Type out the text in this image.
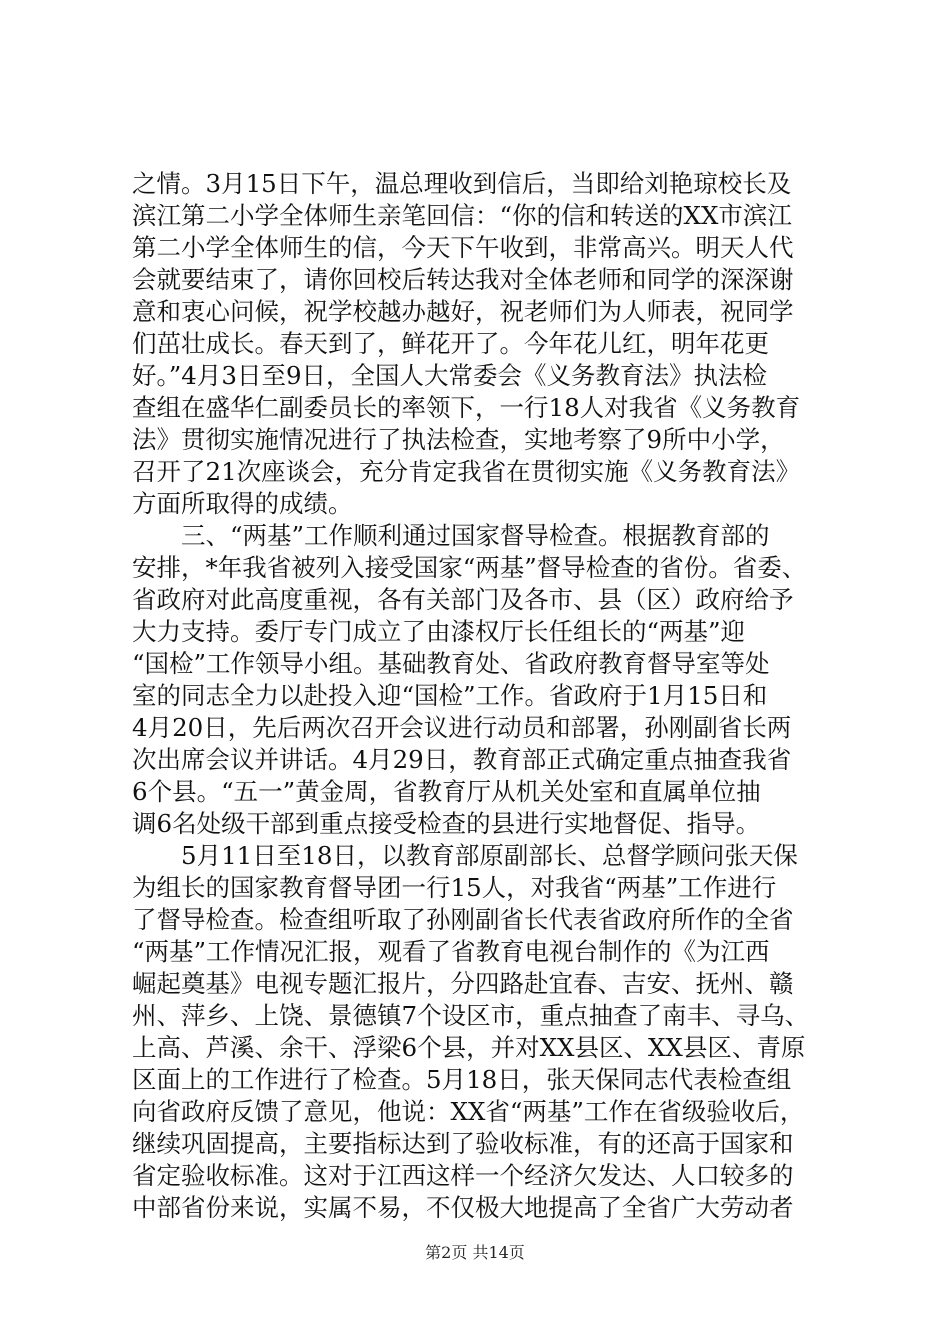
之情。3月15日下午，温总理收到信后，当即给刘艳琼校长及
滨江第二小学全体师生亲笔回信：“你的信和转送的XX市滨江
第二小学全体师生的信，今天下午收到，非常高兴。明天人代
会就要结束了，请你回校后转达我对全体老师和同学的深深谢
意和衷心问候，祝学校越办越好，祝老师们为人师表，祝同学
们茁壮成长。春天到了，鲜花开了。今年花儿红，明年花更
好。”4月3日至9日，全国人大常委会《义务教育法》执法检
查组在盛华仁副委员长的率领下，一行18人对我省《义务教育
法》贯彻实施情况进行了执法检查，实地考察了9所中小学，
召开了21次座谈会，充分肯定我省在贯彻实施《义务教育法》
方面所取得的成绩。
　　三、“两基”工作顺利通过国家督导检查。根据教育部的
安排，*年我省被列入接受国家“两基”督导检查的省份。省委、
省政府对此高度重视，各有关部门及各市、县（区）政府给予
大力支持。委厅专门成立了由漆权厅长任组长的“两基”迎
“国检”工作领导小组。基础教育处、省政府教育督导室等处
室的同志全力以赴投入迎“国检”工作。省政府于1月15日和
4月20日，先后两次召开会议进行动员和部署，孙刚副省长两
次出席会议并讲话。4月29日，教育部正式确定重点抽查我省
6个县。“五一”黄金周，省教育厅从机关处室和直属单位抽
调6名处级干部到重点接受检查的县进行实地督促、指导。
　　5月11日至18日，以教育部原副部长、总督学顾问张天保
为组长的国家教育督导团一行15人，对我省“两基”工作进行
了督导检查。检查组听取了孙刚副省长代表省政府所作的全省
“两基”工作情况汇报，观看了省教育电视台制作的《为江西
崛起奠基》电视专题汇报片，分四路赴宜春、吉安、抚州、赣
州、萍乡、上饶、景德镇7个设区市，重点抽查了南丰、寻乌、
上高、芦溪、余干、浮梁6个县，并对XX县区、XX县区、青原
区面上的工作进行了检查。5月18日，张天保同志代表检查组
向省政府反馈了意见，他说：XX省“两基”工作在省级验收后，
继续巩固提高，主要指标达到了验收标准，有的还高于国家和
省定验收标准。这对于江西这样一个经济欠发达、人口较多的
中部省份来说，实属不易，不仅极大地提高了全省广大劳动者
第2页 共14页
